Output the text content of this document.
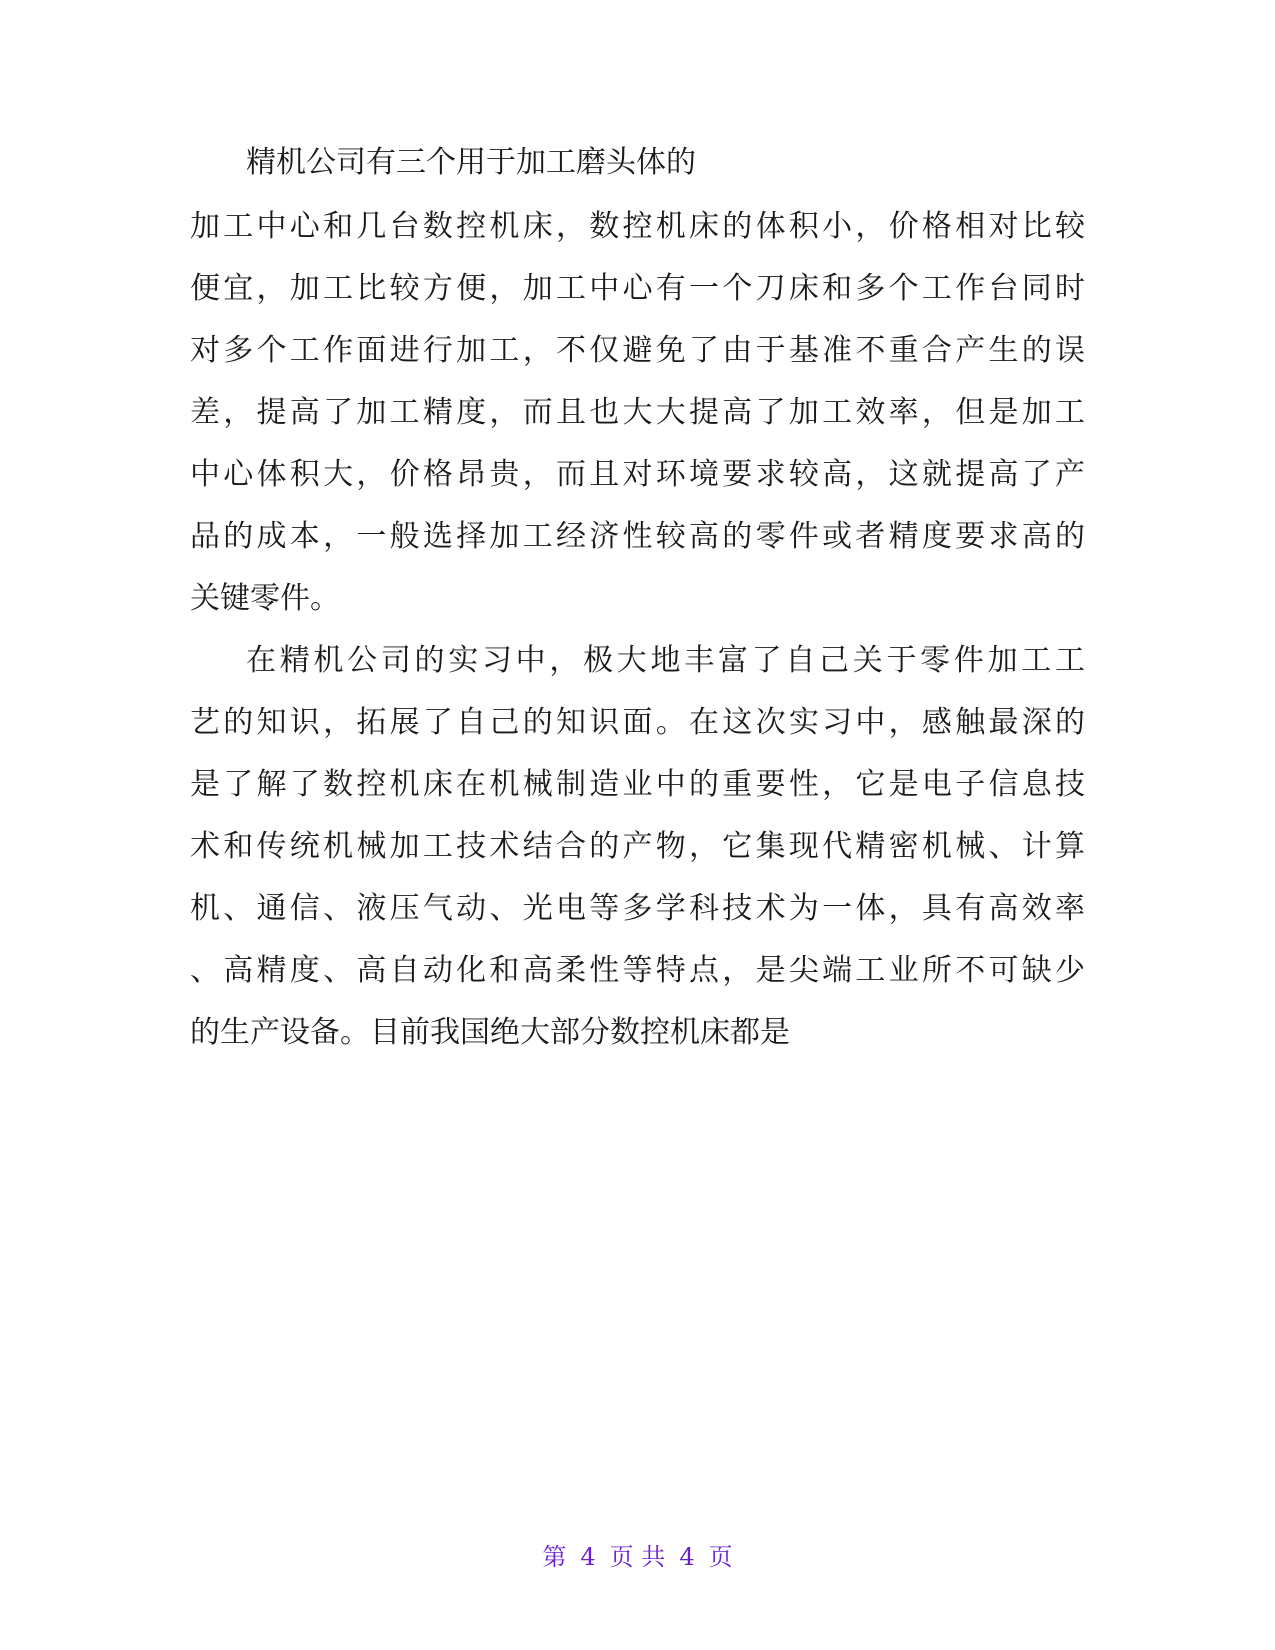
精机公司有三个用于加工磨头体的
加工中心和几台数控机床，数控机床的体积小，价格相对比较
便宜，加工比较方便，加工中心有一个刀床和多个工作台同时
对多个工作面进行加工，不仅避免了由于基准不重合产生的误
差，提高了加工精度，而且也大大提高了加工效率，但是加工
中心体积大，价格昂贵，而且对环境要求较高，这就提高了产
品的成本，一般选择加工经济性较高的零件或者精度要求高的
关键零件。
在精机公司的实习中，极大地丰富了自己关于零件加工工
艺的知识，拓展了自己的知识面。在这次实习中，感触最深的
是了解了数控机床在机械制造业中的重要性，它是电子信息技
术和传统机械加工技术结合的产物，它集现代精密机械、计算
机、通信、液压气动、光电等多学科技术为一体，具有高效率
、高精度、高自动化和高柔性等特点，是尖端工业所不可缺少
的生产设备。目前我国绝大部分数控机床都是
第 4 页 共 4 页
